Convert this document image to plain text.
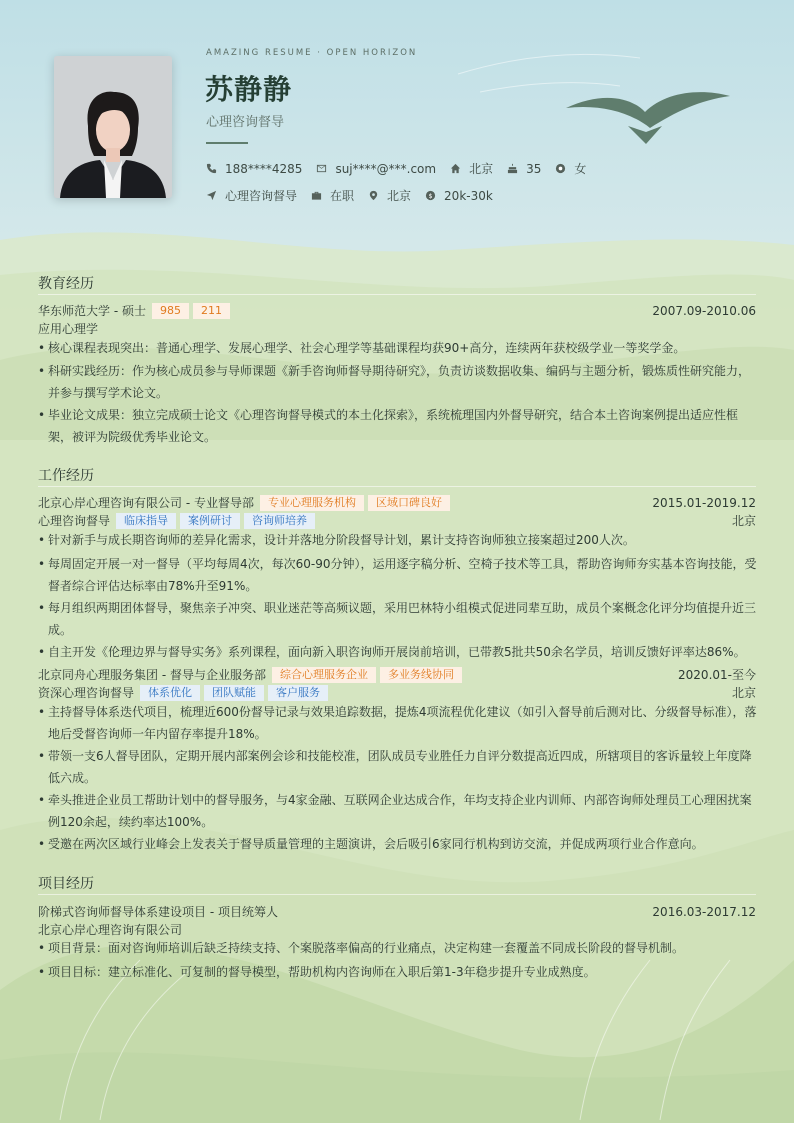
AMAZING RESUME · OPEN HORIZON
苏静静
心理咨询督导
188****4285	suj****@***.com	北京	35	女
心理咨询督导	在职	北京 $ 20k-30k
教育经历
华东师范大学 - 硕士	985	211	2007.09-2010.06
应用心理学
• 核心课程表现突出：普通心理学、发展心理学、社会心理学等基础课程均获90+高分，连续两年获校级学业一等奖学金。
• 科研实践经历：作为核心成员参与导师课题《新手咨询师督导期待研究》，负责访谈数据收集、编码与主题分析，锻炼质性研究能力，并参与撰写学术论文。
• 毕业论文成果：独立完成硕士论文《心理咨询督导模式的本土化探索》，系统梳理国内外督导研究，结合本土咨询案例提出适应性框架，被评为院级优秀毕业论文。
工作经历
北京心岸心理咨询有限公司 - 专业督导部	专业心理服务机构	区域口碑良好	2015.01-2019.12
心理咨询督导	临床指导	案例研讨	咨询师培养	北京
• 针对新手与成长期咨询师的差异化需求，设计并落地分阶段督导计划，累计支持咨询师独立接案超过200人次。
• 每周固定开展一对一督导（平均每周4次，每次60-90分钟），运用逐字稿分析、空椅子技术等工具，帮助咨询师夯实基本咨询技能，受督者综合评估达标率由78%升至91%。
• 每月组织两期团体督导，聚焦亲子冲突、职业迷茫等高频议题，采用巴林特小组模式促进同辈互助，成员个案概念化评分均值提升近三成。
• 自主开发《伦理边界与督导实务》系列课程，面向新入职咨询师开展岗前培训，已带教5批共50余名学员，培训反馈好评率达86%。
北京同舟心理服务集团 - 督导与企业服务部	综合心理服务企业	多业务线协同	2020.01-至今
资深心理咨询督导	体系优化	团队赋能	客户服务	北京
• 主持督导体系迭代项目，梳理近600份督导记录与效果追踪数据，提炼4项流程优化建议（如引入督导前后测对比、分级督导标准），落地后受督咨询师一年内留存率提升18%。
• 带领一支6人督导团队，定期开展内部案例会诊和技能校准，团队成员专业胜任力自评分数提高近四成，所辖项目的客诉量较上年度降低六成。
• 牵头推进企业员工帮助计划中的督导服务，与4家金融、互联网企业达成合作，年均支持企业内训师、内部咨询师处理员工心理困扰案例120余起，续约率达100%。
• 受邀在两次区域行业峰会上发表关于督导质量管理的主题演讲，会后吸引6家同行机构到访交流，并促成两项行业合作意向。
项目经历
阶梯式咨询师督导体系建设项目 - 项目统筹人	2016.03-2017.12
北京心岸心理咨询有限公司
• 项目背景：面对咨询师培训后缺乏持续支持、个案脱落率偏高的行业痛点，决定构建一套覆盖不同成长阶段的督导机制。
• 项目目标：建立标准化、可复制的督导模型，帮助机构内咨询师在入职后第1-3年稳步提升专业成熟度。
